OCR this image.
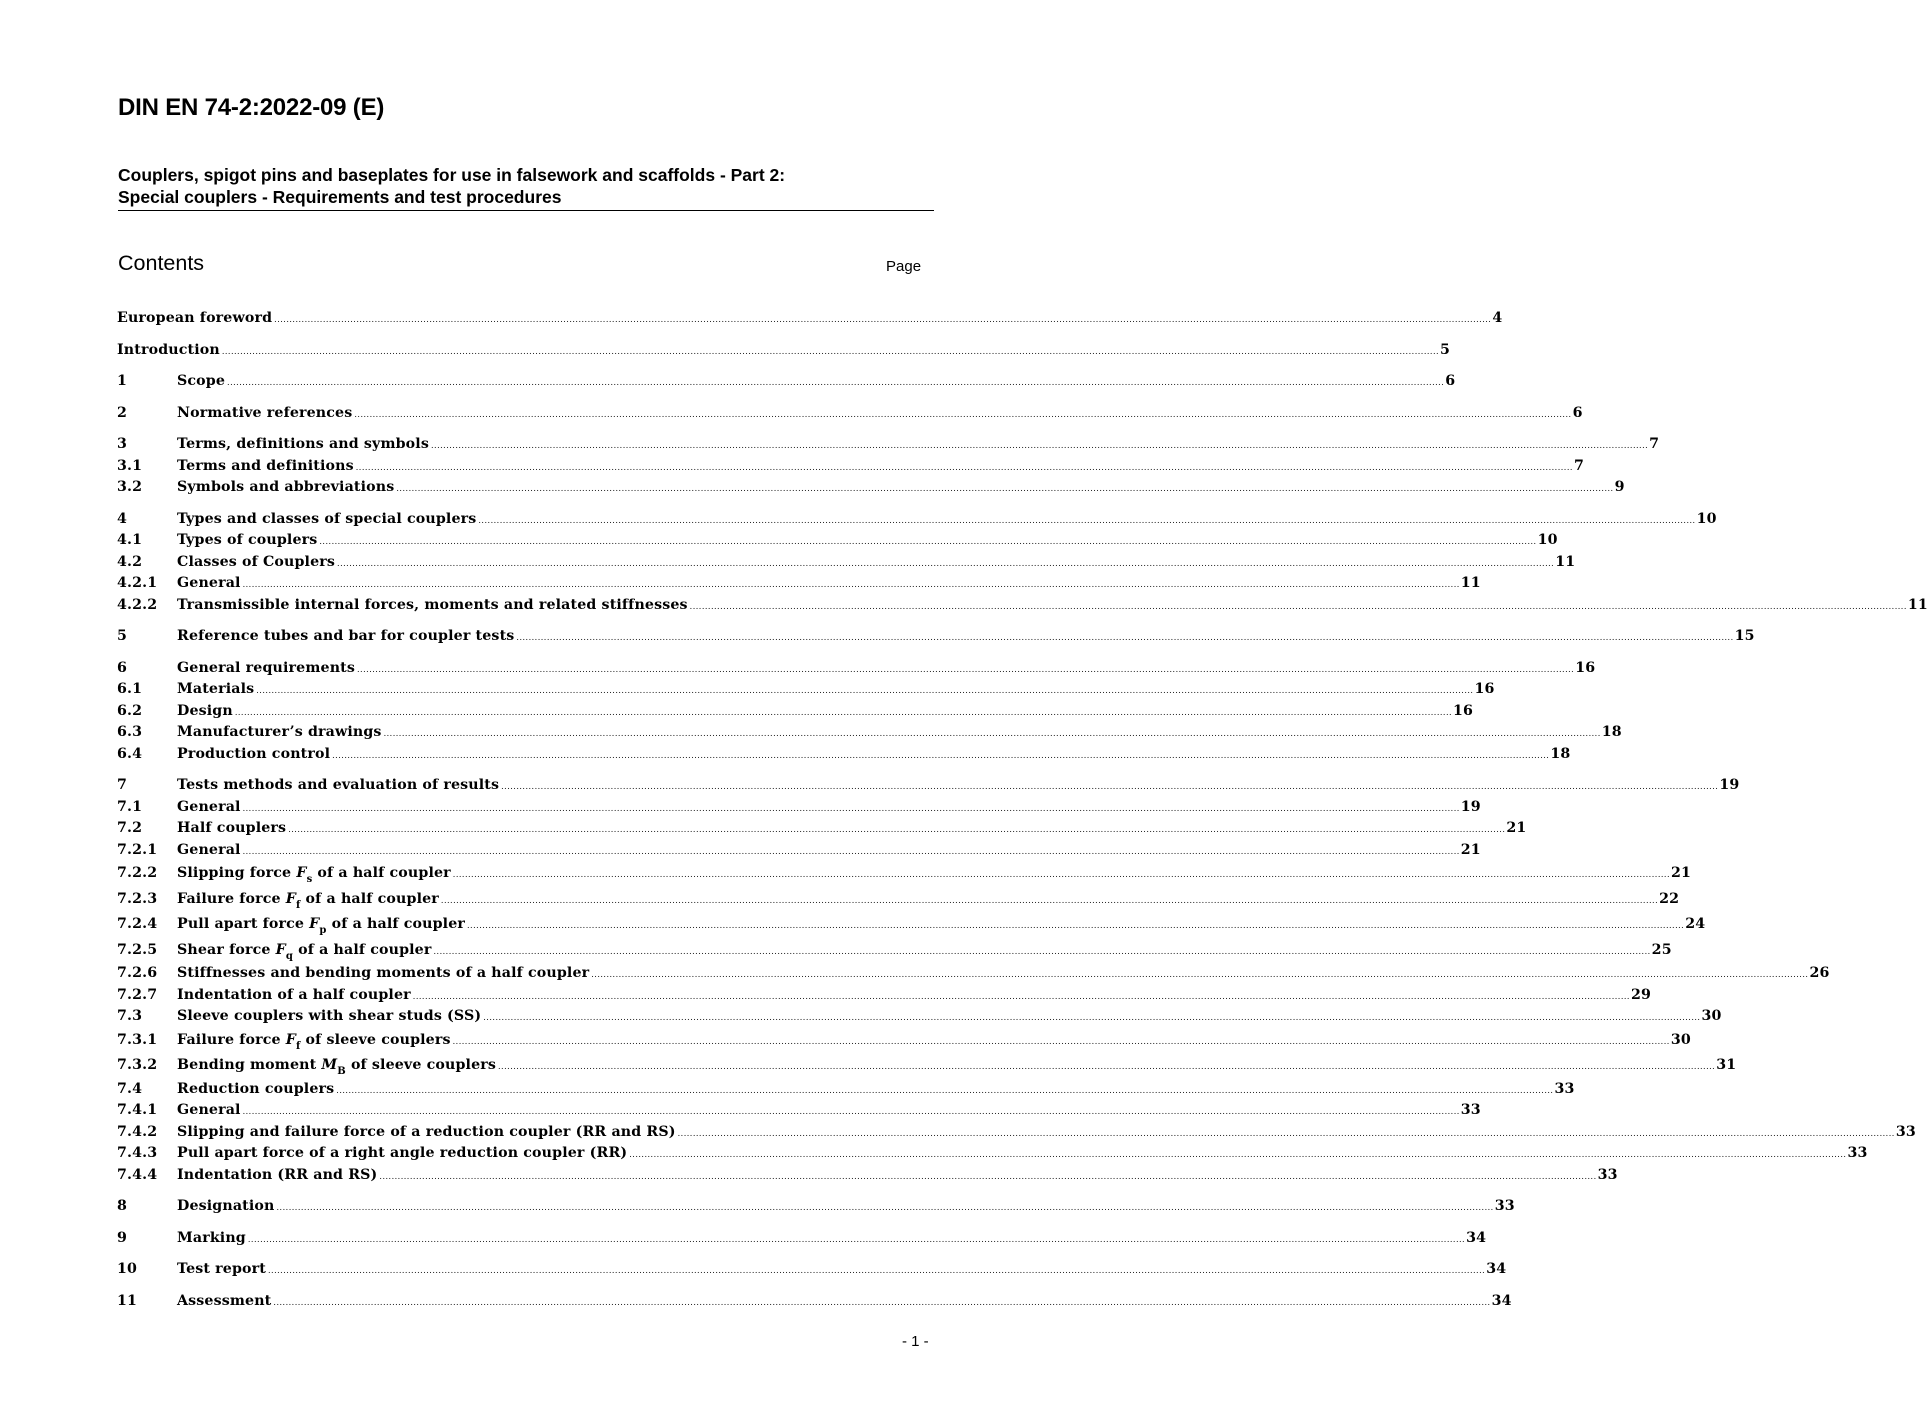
DIN EN 74-2:2022-09 (E)
Couplers, spigot pins and baseplates for use in falsework and scaffolds - Part 2:
Special couplers - Requirements and test procedures
Contents	Page
European foreword ................................................................................................................................................................................................................................................................................................................................................................................................................ 4
Introduction ................................................................................................................................................................................................................................................................................................................................................................................................................ 5
1	Scope ................................................................................................................................................................................................................................................................................................................................................................................................................ 6
2	Normative references ................................................................................................................................................................................................................................................................................................................................................................................................................ 6
3	Terms, definitions and symbols ................................................................................................................................................................................................................................................................................................................................................................................................................ 7
3.1	Terms and definitions ................................................................................................................................................................................................................................................................................................................................................................................................................ 7
3.2	Symbols and abbreviations ................................................................................................................................................................................................................................................................................................................................................................................................................ 9
4	Types and classes of special couplers ................................................................................................................................................................................................................................................................................................................................................................................................................ 10
4.1	Types of couplers ................................................................................................................................................................................................................................................................................................................................................................................................................ 10
4.2	Classes of Couplers ................................................................................................................................................................................................................................................................................................................................................................................................................ 11
4.2.1	General ................................................................................................................................................................................................................................................................................................................................................................................................................ 11
4.2.2	Transmissible internal forces, moments and related stiffnesses ................................................................................................................................................................................................................................................................................................................................................................................................................ 11
5	Reference tubes and bar for coupler tests ................................................................................................................................................................................................................................................................................................................................................................................................................ 15
6	General requirements ................................................................................................................................................................................................................................................................................................................................................................................................................ 16
6.1	Materials ................................................................................................................................................................................................................................................................................................................................................................................................................ 16
6.2	Design ................................................................................................................................................................................................................................................................................................................................................................................................................ 16
6.3	Manufacturer’s drawings ................................................................................................................................................................................................................................................................................................................................................................................................................ 18
6.4	Production control ................................................................................................................................................................................................................................................................................................................................................................................................................ 18
7	Tests methods and evaluation of results ................................................................................................................................................................................................................................................................................................................................................................................................................ 19
7.1	General ................................................................................................................................................................................................................................................................................................................................................................................................................ 19
7.2	Half couplers ................................................................................................................................................................................................................................................................................................................................................................................................................ 21
7.2.1	General ................................................................................................................................................................................................................................................................................................................................................................................................................ 21
7.2.2	Slipping force $F_s$ of a half coupler ................................................................................................................................................................................................................................................................................................................................................................................................................ 21
7.2.3	Failure force $F_f$ of a half coupler ................................................................................................................................................................................................................................................................................................................................................................................................................ 22
7.2.4	Pull apart force $F_p$ of a half coupler ................................................................................................................................................................................................................................................................................................................................................................................................................ 24
7.2.5	Shear force $F_q$ of a half coupler ................................................................................................................................................................................................................................................................................................................................................................................................................ 25
7.2.6	Stiffnesses and bending moments of a half coupler ................................................................................................................................................................................................................................................................................................................................................................................................................ 26
7.2.7	Indentation of a half coupler ................................................................................................................................................................................................................................................................................................................................................................................................................ 29
7.3	Sleeve couplers with shear studs (SS) ................................................................................................................................................................................................................................................................................................................................................................................................................ 30
7.3.1	Failure force $F_f$ of sleeve couplers ................................................................................................................................................................................................................................................................................................................................................................................................................ 30
7.3.2	Bending moment $M_B$ of sleeve couplers ................................................................................................................................................................................................................................................................................................................................................................................................................ 31
7.4	Reduction couplers ................................................................................................................................................................................................................................................................................................................................................................................................................ 33
7.4.1	General ................................................................................................................................................................................................................................................................................................................................................................................................................ 33
7.4.2	Slipping and failure force of a reduction coupler (RR and RS) ................................................................................................................................................................................................................................................................................................................................................................................................................ 33
7.4.3	Pull apart force of a right angle reduction coupler (RR) ................................................................................................................................................................................................................................................................................................................................................................................................................ 33
7.4.4	Indentation (RR and RS) ................................................................................................................................................................................................................................................................................................................................................................................................................ 33
8	Designation ................................................................................................................................................................................................................................................................................................................................................................................................................ 33
9	Marking ................................................................................................................................................................................................................................................................................................................................................................................................................ 34
10	Test report ................................................................................................................................................................................................................................................................................................................................................................................................................ 34
11	Assessment ................................................................................................................................................................................................................................................................................................................................................................................................................ 34
- 1 -
